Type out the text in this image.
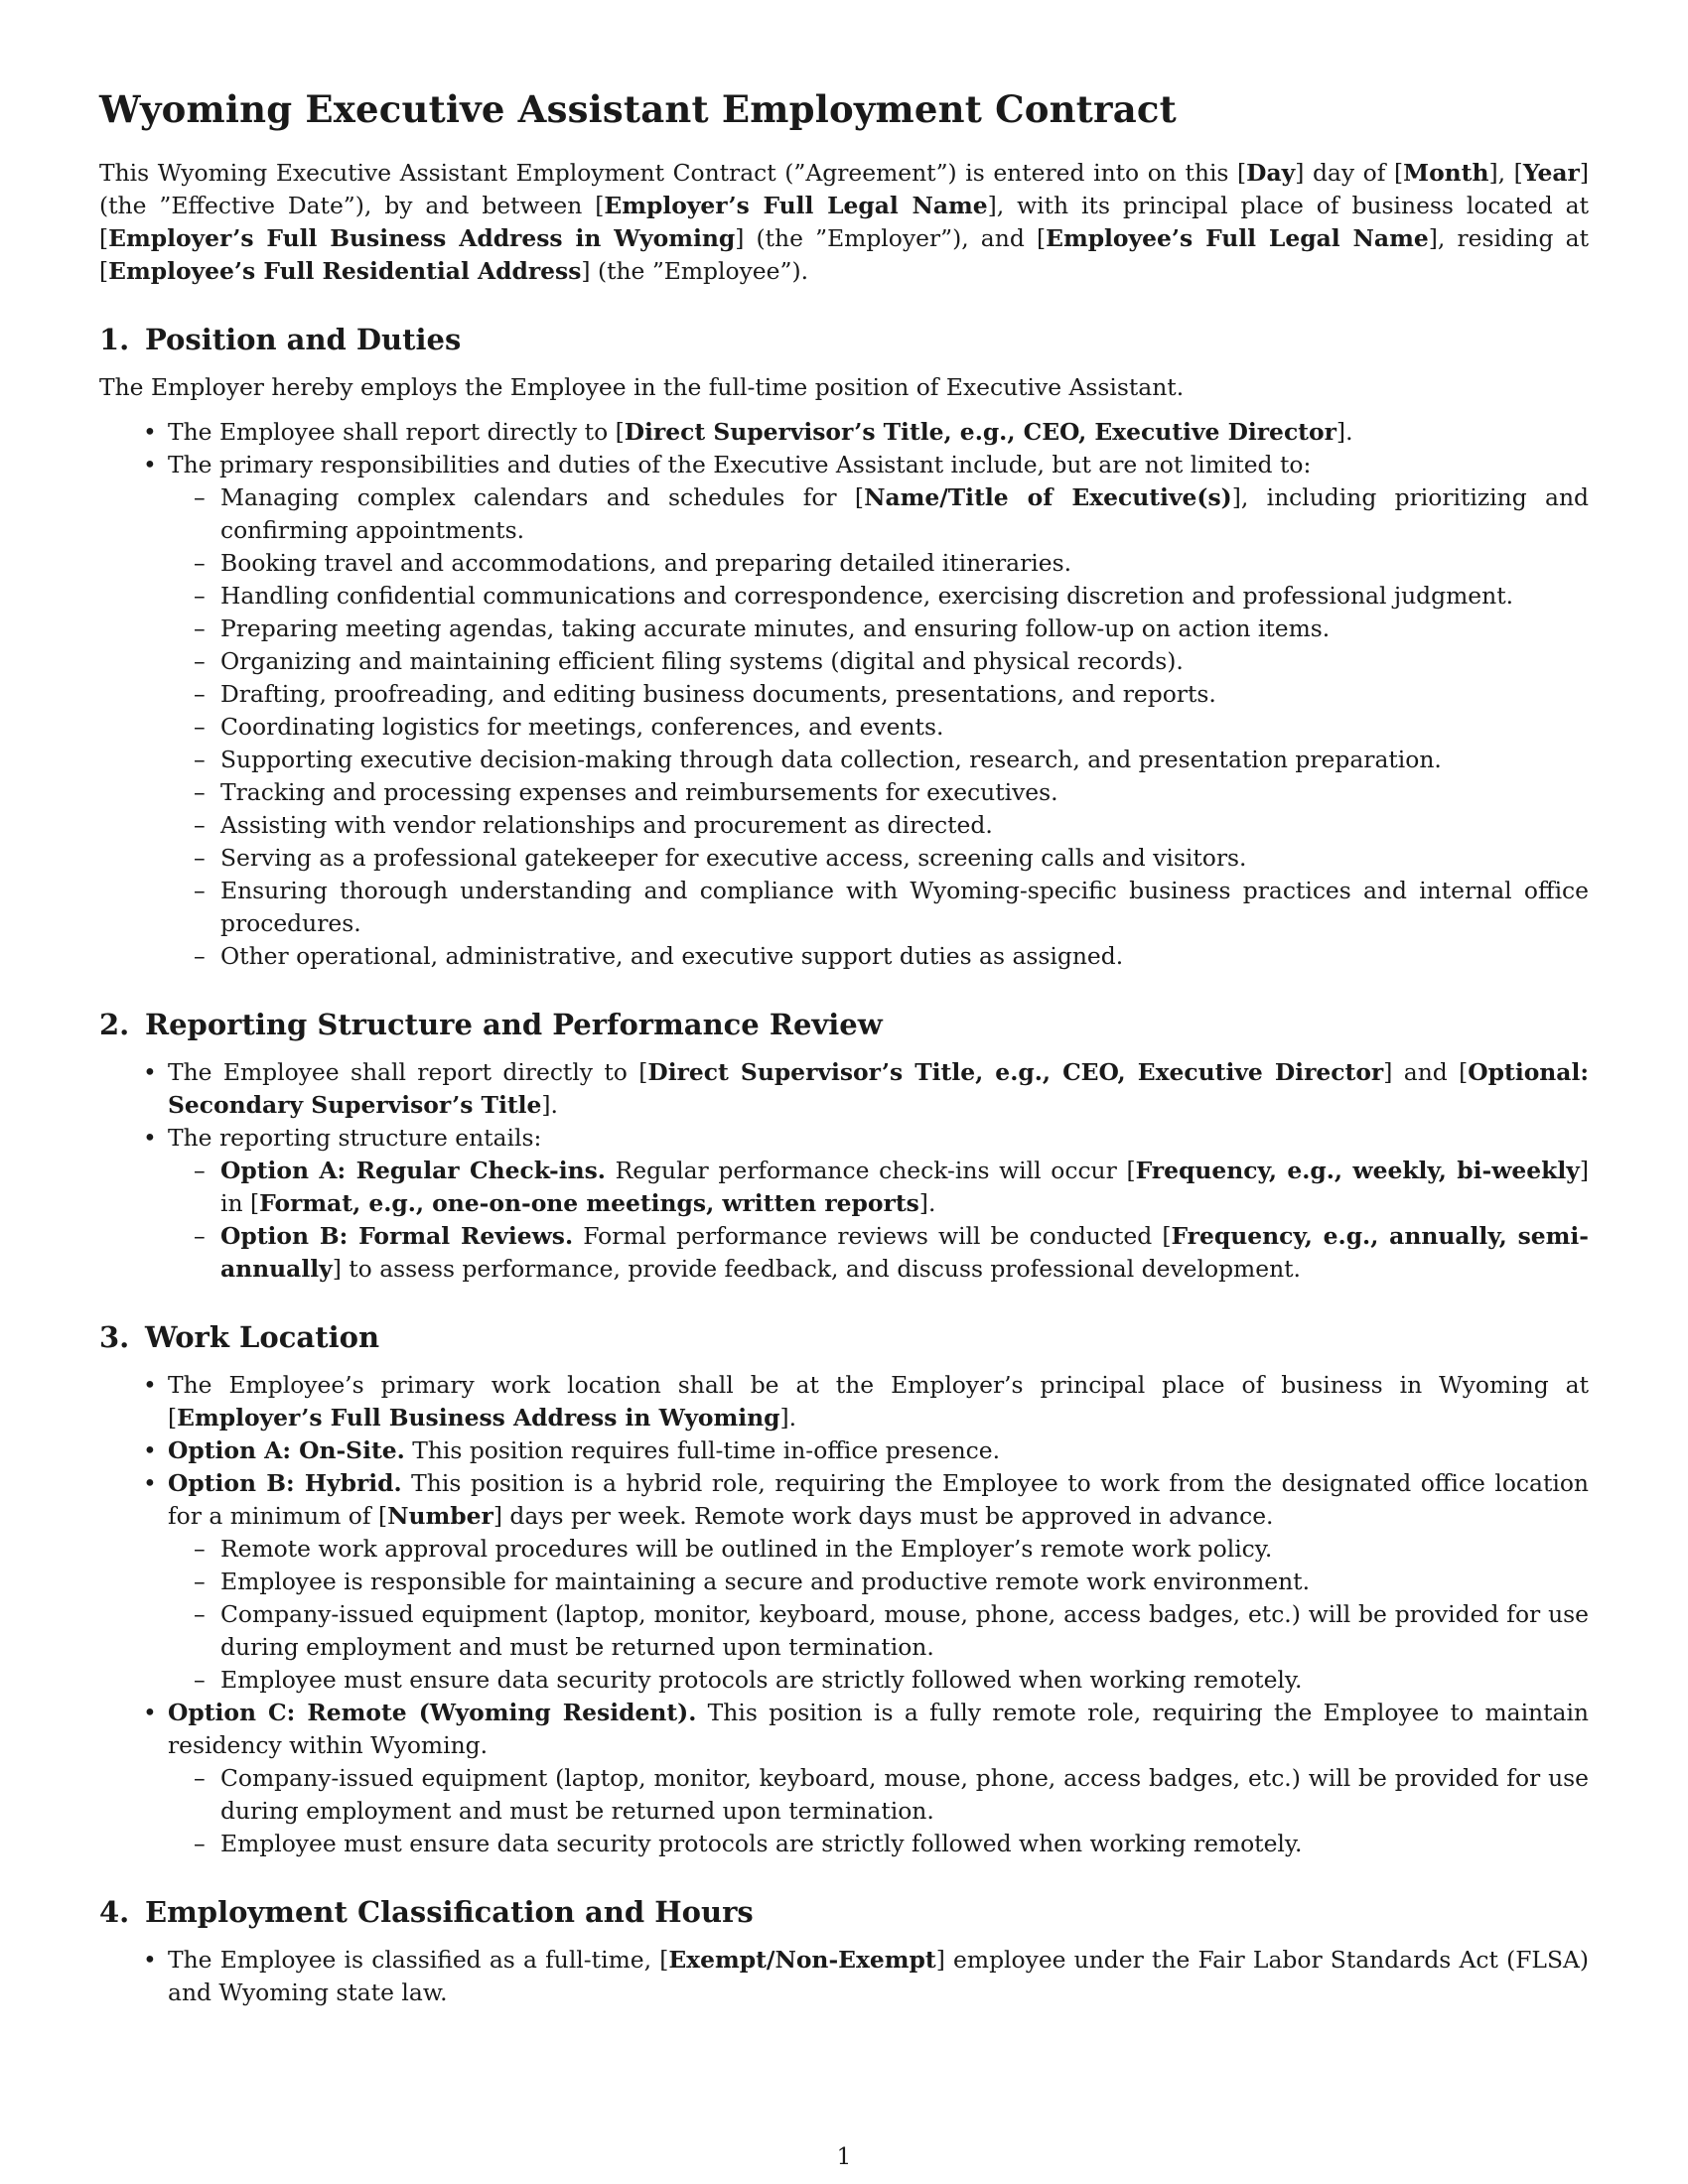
Wyoming Executive Assistant Employment Contract

This Wyoming Executive Assistant Employment Contract (”Agreement”) is entered into on this [Day] day of [Month], [Year] (the ”Effective Date”), by and between [Employer’s Full Legal Name], with its principal place of business located at [Employer’s Full Business Address in Wyoming] (the ”Employer”), and [Employee’s Full Legal Name], residing at [Employee’s Full Residential Address] (the ”Employee”).

1. Position and Duties

The Employer hereby employs the Employee in the full-time position of Executive Assistant.

• The Employee shall report directly to [Direct Supervisor’s Title, e.g., CEO, Executive Director].
• The primary responsibilities and duties of the Executive Assistant include, but are not limited to:
– Managing complex calendars and schedules for [Name/Title of Executive(s)], including prioritizing and confirming appointments.
– Booking travel and accommodations, and preparing detailed itineraries.
– Handling confidential communications and correspondence, exercising discretion and professional judgment.
– Preparing meeting agendas, taking accurate minutes, and ensuring follow-up on action items.
– Organizing and maintaining efficient filing systems (digital and physical records).
– Drafting, proofreading, and editing business documents, presentations, and reports.
– Coordinating logistics for meetings, conferences, and events.
– Supporting executive decision-making through data collection, research, and presentation preparation.
– Tracking and processing expenses and reimbursements for executives.
– Assisting with vendor relationships and procurement as directed.
– Serving as a professional gatekeeper for executive access, screening calls and visitors.
– Ensuring thorough understanding and compliance with Wyoming-specific business practices and internal office procedures.
– Other operational, administrative, and executive support duties as assigned.
2. Reporting Structure and Performance Review
• The Employee shall report directly to [Direct Supervisor’s Title, e.g., CEO, Executive Director] and [Optional: Secondary Supervisor’s Title].
• The reporting structure entails:
– Option A: Regular Check-ins. Regular performance check-ins will occur [Frequency, e.g., weekly, bi-weekly] in [Format, e.g., one-on-one meetings, written reports].
– Option B: Formal Reviews. Formal performance reviews will be conducted [Frequency, e.g., annually, semi-annually] to assess performance, provide feedback, and discuss professional development.
3. Work Location
• The Employee’s primary work location shall be at the Employer’s principal place of business in Wyoming at [Employer’s Full Business Address in Wyoming].
• Option A: On-Site. This position requires full-time in-office presence.
• Option B: Hybrid. This position is a hybrid role, requiring the Employee to work from the designated office location for a minimum of [Number] days per week. Remote work days must be approved in advance.
– Remote work approval procedures will be outlined in the Employer’s remote work policy.
– Employee is responsible for maintaining a secure and productive remote work environment.
– Company-issued equipment (laptop, monitor, keyboard, mouse, phone, access badges, etc.) will be provided for use during employment and must be returned upon termination.
– Employee must ensure data security protocols are strictly followed when working remotely.
• Option C: Remote (Wyoming Resident). This position is a fully remote role, requiring the Employee to maintain residency within Wyoming.
– Company-issued equipment (laptop, monitor, keyboard, mouse, phone, access badges, etc.) will be provided for use during employment and must be returned upon termination.
– Employee must ensure data security protocols are strictly followed when working remotely.
4. Employment Classification and Hours
• The Employee is classified as a full-time, [Exempt/Non-Exempt] employee under the Fair Labor Standards Act (FLSA) and Wyoming state law.
1
